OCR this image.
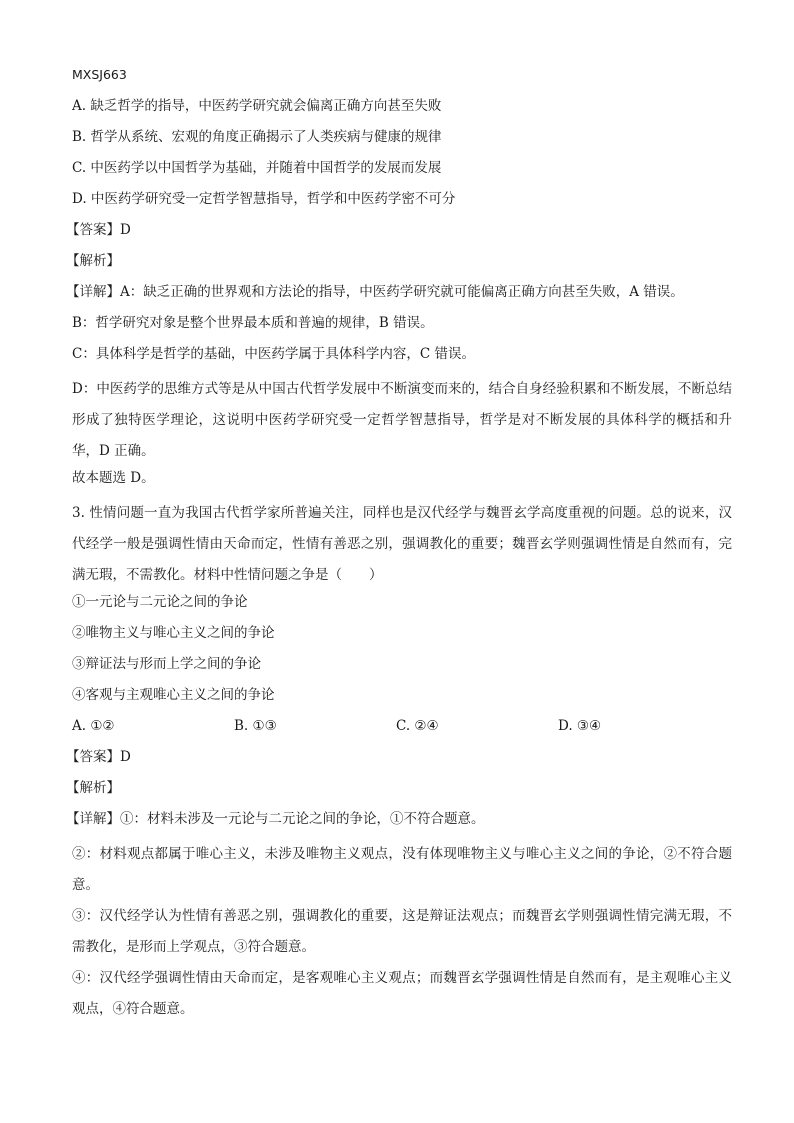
MXSJ663
A. 缺乏哲学的指导，中医药学研究就会偏离正确方向甚至失败
B. 哲学从系统、宏观的角度正确揭示了人类疾病与健康的规律
C. 中医药学以中国哲学为基础，并随着中国哲学的发展而发展
D. 中医药学研究受一定哲学智慧指导，哲学和中医药学密不可分
【答案】D
【解析】
【详解】A：缺乏正确的世界观和方法论的指导，中医药学研究就可能偏离正确方向甚至失败，A 错误。
B：哲学研究对象是整个世界最本质和普遍的规律，B 错误。
C：具体科学是哲学的基础，中医药学属于具体科学内容，C 错误。
D：中医药学的思维方式等是从中国古代哲学发展中不断演变而来的，结合自身经验积累和不断发展，不断总结形成了独特医学理论，这说明中医药学研究受一定哲学智慧指导，哲学是对不断发展的具体科学的概括和升华，D 正确。
故本题选 D。
3. 性情问题一直为我国古代哲学家所普遍关注，同样也是汉代经学与魏晋玄学高度重视的问题。总的说来，汉代经学一般是强调性情由天命而定，性情有善恶之别，强调教化的重要；魏晋玄学则强调性情是自然而有，完满无瑕，不需教化。材料中性情问题之争是（　　）
①一元论与二元论之间的争论
②唯物主义与唯心主义之间的争论
③辩证法与形而上学之间的争论
④客观与主观唯心主义之间的争论
A. ①②	B. ①③	C. ②④	D. ③④
【答案】D
【解析】
【详解】①：材料未涉及一元论与二元论之间的争论，①不符合题意。
②：材料观点都属于唯心主义，未涉及唯物主义观点，没有体现唯物主义与唯心主义之间的争论，②不符合题意。
③：汉代经学认为性情有善恶之别，强调教化的重要，这是辩证法观点；而魏晋玄学则强调性情完满无瑕，不需教化，是形而上学观点，③符合题意。
④：汉代经学强调性情由天命而定，是客观唯心主义观点；而魏晋玄学强调性情是自然而有，是主观唯心主义观点，④符合题意。
